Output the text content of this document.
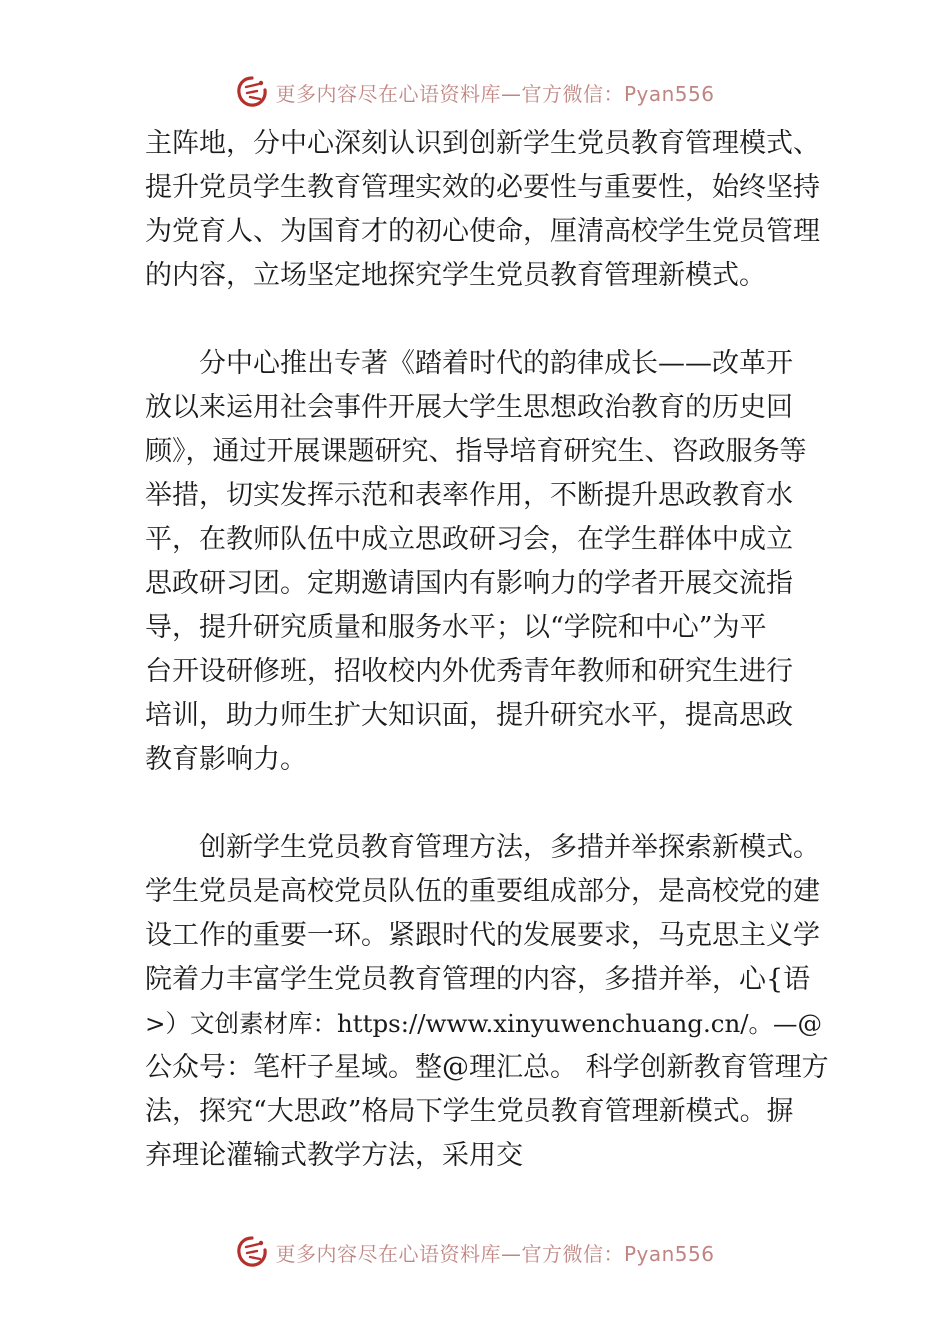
更多内容尽在心语资料库—官方微信：Pyan556
主阵地，分中心深刻认识到创新学生党员教育管理模式、
提升党员学生教育管理实效的必要性与重要性，始终坚持
为党育人、为国育才的初心使命，厘清高校学生党员管理
的内容，立场坚定地探究学生党员教育管理新模式。
　　分中心推出专著《踏着时代的韵律成长——改革开
放以来运用社会事件开展大学生思想政治教育的历史回
顾》，通过开展课题研究、指导培育研究生、咨政服务等
举措，切实发挥示范和表率作用，不断提升思政教育水
平，在教师队伍中成立思政研习会，在学生群体中成立
思政研习团。定期邀请国内有影响力的学者开展交流指
导，提升研究质量和服务水平；以“学院和中心”为平
台开设研修班，招收校内外优秀青年教师和研究生进行
培训，助力师生扩大知识面，提升研究水平，提高思政
教育影响力。
　　创新学生党员教育管理方法，多措并举探索新模式。
学生党员是高校党员队伍的重要组成部分，是高校党的建
设工作的重要一环。紧跟时代的发展要求，马克思主义学
院着力丰富学生党员教育管理的内容，多措并举，心{语
>）文创素材库：https://www.xinyuwenchuang.cn/。—@
公众号：笔杆子星域。整@理汇总。 科学创新教育管理方
法，探究“大思政”格局下学生党员教育管理新模式。摒
弃理论灌输式教学方法，采用交
更多内容尽在心语资料库—官方微信：Pyan556
